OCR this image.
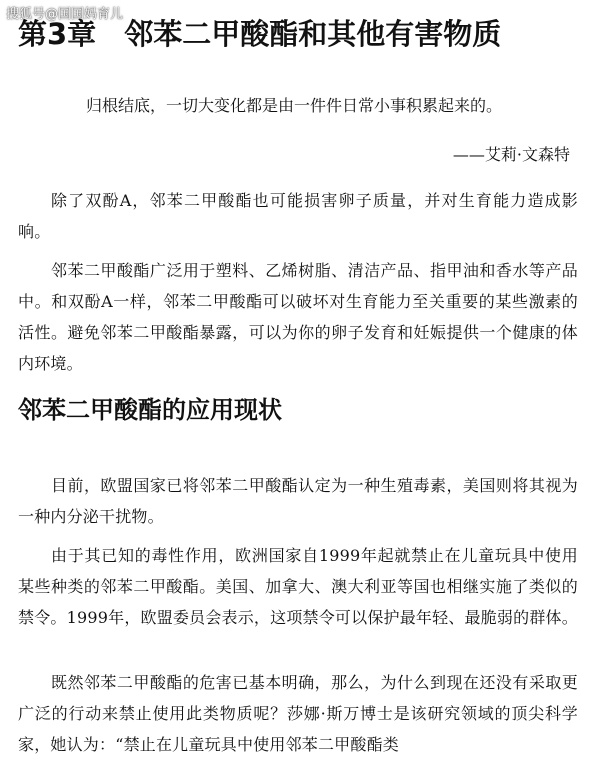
搜狐号@国国妈育儿
第3章 邻苯二甲酸酯和其他有害物质
归根结底，一切大变化都是由一件件日常小事积累起来的。
——艾莉·文森特

除了双酚A，邻苯二甲酸酯也可能损害卵子质量，并对生育能力造成影响。

邻苯二甲酸酯广泛用于塑料、乙烯树脂、清洁产品、指甲油和香水等产品中。和双酚A一样，邻苯二甲酸酯可以破坏对生育能力至关重要的某些激素的活性。避免邻苯二甲酸酯暴露，可以为你的卵子发育和妊娠提供一个健康的体内环境。

邻苯二甲酸酯的应用现状

目前，欧盟国家已将邻苯二甲酸酯认定为一种生殖毒素，美国则将其视为一种内分泌干扰物。

由于其已知的毒性作用，欧洲国家自1999年起就禁止在儿童玩具中使用某些种类的邻苯二甲酸酯。美国、加拿大、澳大利亚等国也相继实施了类似的禁令。1999年，欧盟委员会表示，这项禁令可以保护最年轻、最脆弱的群体。

既然邻苯二甲酸酯的危害已基本明确，那么，为什么到现在还没有采取更广泛的行动来禁止使用此类物质呢？莎娜·斯万博士是该研究领域的顶尖科学家，她认为：“禁止在儿童玩具中使用邻苯二甲酸酯类
